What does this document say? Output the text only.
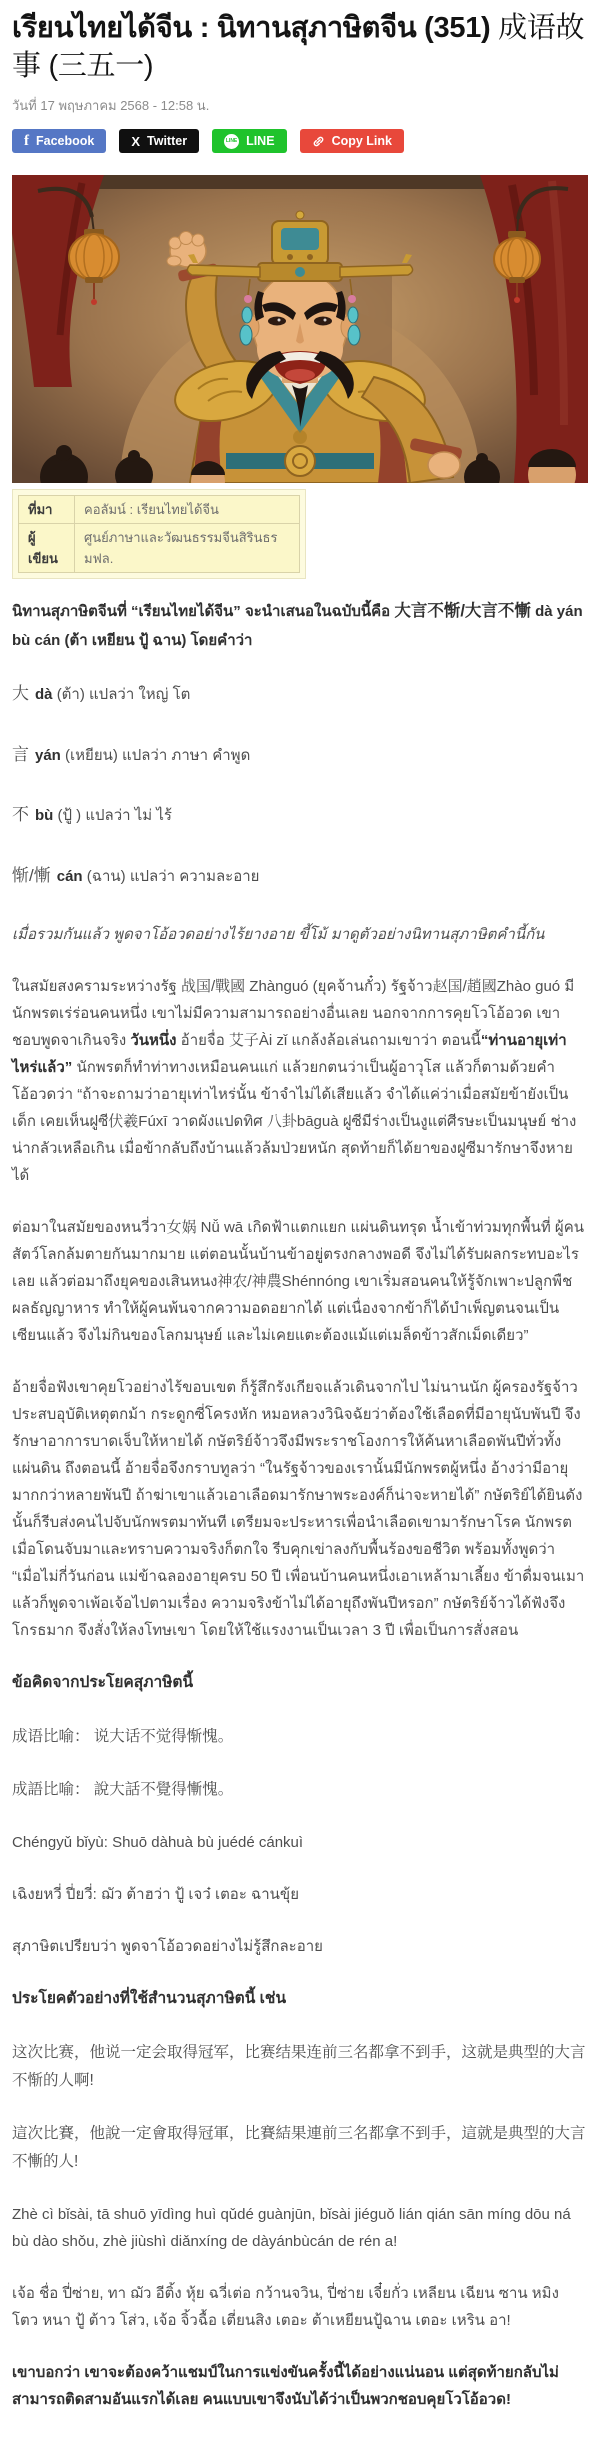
เรียนไทยได้จีน : นิทานสุภาษิตจีน (351) 成语故事 (三五一)

วันที่ 17 พฤษภาคม 2568 - 12:58 น.

f Facebook	X Twitter	LINE LINE	Copy Link
ที่มา	คอลัมน์ : เรียนไทยได้จีน
ผู้เขียน	ศูนย์ภาษาและวัฒนธรรมจีนสิรินธร มฟล.

นิทานสุภาษิตจีนที่ “เรียนไทยได้จีน” จะนำเสนอในฉบับนี้คือ 大言不惭/大言不慚 dà yán bù cán (ต้า เหยียน ปู้ ฉาน) โดยคำว่า

大 dà (ต้า) แปลว่า ใหญ่ โต

言 yán (เหยียน) แปลว่า ภาษา คำพูด

不 bù (ปู้ ) แปลว่า ไม่ ไร้

惭/慚 cán (ฉาน) แปลว่า ความละอาย

เมื่อรวมกันแล้ว พูดจาโอ้อวดอย่างไร้ยางอาย ขี้โม้ มาดูตัวอย่างนิทานสุภาษิตคำนี้กัน

ในสมัยสงครามระหว่างรัฐ 战国/戰國 Zhànguó (ยุคจ้านกั๋ว) รัฐจ้าว赵国/趙國Zhào guó มีนักพรตเร่ร่อนคนหนึ่ง เขาไม่มีความสามารถอย่างอื่นเลย นอกจากการคุยโวโอ้อวด เขาชอบพูดจาเกินจริง วันหนึ่ง อ้ายจื่อ 艾子Ài zǐ แกล้งล้อเล่นถามเขาว่า ตอนนี้“ท่านอายุเท่าไหร่แล้ว” นักพรตก็ทำท่าทางเหมือนคนแก่ แล้วยกตนว่าเป็นผู้อาวุโส แล้วก็ตามด้วยคำโอ้อวดว่า “ถ้าจะถามว่าอายุเท่าไหร่นั้น ข้าจำไม่ได้เสียแล้ว จำได้แค่ว่าเมื่อสมัยข้ายังเป็นเด็ก เคยเห็นฝูซี伏羲Fúxī วาดผังแปดทิศ 八卦bāguà ฝูซีมีร่างเป็นงูแต่ศีรษะเป็นมนุษย์ ช่างน่ากลัวเหลือเกิน เมื่อข้ากลับถึงบ้านแล้วล้มป่วยหนัก สุดท้ายก็ได้ยาของฝูซีมารักษาจึงหายได้

ต่อมาในสมัยของหนวี่วา女娲 Nǚ wā เกิดฟ้าแตกแยก แผ่นดินทรุด น้ำเข้าท่วมทุกพื้นที่ ผู้คนสัตว์โลกล้มตายกันมากมาย แต่ตอนนั้นบ้านข้าอยู่ตรงกลางพอดี จึงไม่ได้รับผลกระทบอะไรเลย แล้วต่อมาถึงยุคของเสินหนง神农/神農Shénnóng เขาเริ่มสอนคนให้รู้จักเพาะปลูกพืชผลธัญญาหาร ทำให้ผู้คนพ้นจากความอดอยากได้ แต่เนื่องจากข้าก็ได้บำเพ็ญตนจนเป็นเซียนแล้ว จึงไม่กินของโลกมนุษย์ และไม่เคยแตะต้องแม้แต่เมล็ดข้าวสักเม็ดเดียว”

อ้ายจื่อฟังเขาคุยโวอย่างไร้ขอบเขต ก็รู้สึกรังเกียจแล้วเดินจากไป ไม่นานนัก ผู้ครองรัฐจ้าวประสบอุบัติเหตุตกม้า กระดูกซี่โครงหัก หมอหลวงวินิจฉัยว่าต้องใช้เลือดที่มีอายุนับพันปี จึงรักษาอาการบาดเจ็บให้หายได้ กษัตริย์จ้าวจึงมีพระราชโองการให้ค้นหาเลือดพันปีทั่วทั้งแผ่นดิน ถึงตอนนี้ อ้ายจื่อจึงกราบทูลว่า “ในรัฐจ้าวของเรานั้นมีนักพรตผู้หนึ่ง อ้างว่ามีอายุมากกว่าหลายพันปี ถ้าฆ่าเขาแล้วเอาเลือดมารักษาพระองค์ก็น่าจะหายได้” กษัตริย์ได้ยินดังนั้นก็รีบส่งคนไปจับนักพรตมาทันที เตรียมจะประหารเพื่อนำเลือดเขามารักษาโรค นักพรตเมื่อโดนจับมาและทราบความจริงก็ตกใจ รีบคุกเข่าลงกับพื้นร้องขอชีวิต พร้อมทั้งพูดว่า “เมื่อไม่กี่วันก่อน แม่ข้าฉลองอายุครบ 50 ปี เพื่อนบ้านคนหนึ่งเอาเหล้ามาเลี้ยง ข้าดื่มจนเมาแล้วก็พูดจาเพ้อเจ้อไปตามเรื่อง ความจริงข้าไม่ได้อายุถึงพันปีหรอก” กษัตริย์จ้าวได้ฟังจึงโกรธมาก จึงสั่งให้ลงโทษเขา โดยให้ใช้แรงงานเป็นเวลา 3 ปี เพื่อเป็นการสั่งสอน

ข้อคิดจากประโยคสุภาษิตนี้

成语比喻： 说大话不觉得惭愧。

成語比喻： 說大話不覺得慚愧。

Chéngyǔ bǐyù: Shuō dàhuà bù juédé cánkuì

เฉิงยหวี่ ปี่ยวี่: ฌัว ต้าฮว่า ปู้ เจว๋ เตอะ ฉานขุ้ย

สุภาษิตเปรียบว่า พูดจาโอ้อวดอย่างไม่รู้สึกละอาย

ประโยคตัวอย่างที่ใช้สำนวนสุภาษิตนี้ เช่น

这次比赛，他说一定会取得冠军，比赛结果连前三名都拿不到手，这就是典型的大言不惭的人啊!

這次比賽，他說一定會取得冠軍，比賽結果連前三名都拿不到手，這就是典型的大言不慚的人!

Zhè cì bǐsài, tā shuō yīdìng huì qǔdé guànjūn, bǐsài jiéguǒ lián qián sān míng dōu ná bù dào shǒu, zhè jiùshì diǎnxíng de dàyánbùcán de rén a!

เจ้อ ชื่อ ปี่ซ่าย, ทา ฌัว อีติ้ง หุ้ย ฉวี่เต่อ กว้านจวิน, ปี่ซ่าย เจี๋ยกั่ว เหลียน เฉียน ซาน หมิง โตว หนา ปู้ ต้าว โส่ว, เจ้อ จิ้วฉื้อ เตี่ยนสิง เตอะ ต้าเหยียนปู้ฉาน เตอะ เหริน อา!

เขาบอกว่า เขาจะต้องคว้าแชมป์ในการแข่งขันครั้งนี้ได้อย่างแน่นอน แต่สุดท้ายกลับไม่สามารถติดสามอันแรกได้เลย คนแบบเขาจึงนับได้ว่าเป็นพวกชอบคุยโวโอ้อวด!
